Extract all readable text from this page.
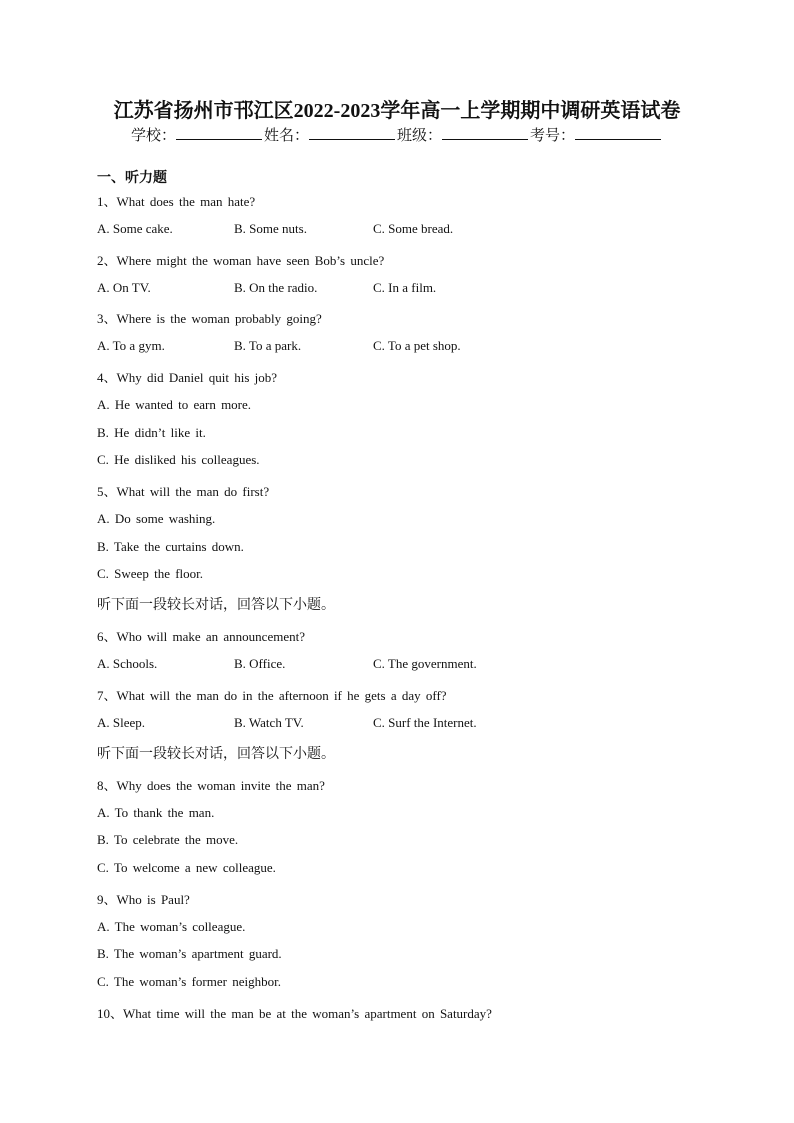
江苏省扬州市邗江区2022-2023学年高一上学期期中调研英语试卷
学校：	姓名：	班级：	考号：
一、听力题
1、What does the man hate?
A. Some cake.	B. Some nuts.	C. Some bread.
2、Where might the woman have seen Bob’s uncle?
A. On TV.	B. On the radio.	C. In a film.
3、Where is the woman probably going?
A. To a gym.	B. To a park.	C. To a pet shop.
4、Why did Daniel quit his job?
A. He wanted to earn more.
B. He didn’t like it.
C. He disliked his colleagues.
5、What will the man do first?
A. Do some washing.
B. Take the curtains down.
C. Sweep the floor.
听下面一段较长对话，回答以下小题。
6、Who will make an announcement?
A. Schools.	B. Office.	C. The government.
7、What will the man do in the afternoon if he gets a day off?
A. Sleep.	B. Watch TV.	C. Surf the Internet.
听下面一段较长对话，回答以下小题。
8、Why does the woman invite the man?
A. To thank the man.
B. To celebrate the move.
C. To welcome a new colleague.
9、Who is Paul?
A. The woman’s colleague.
B. The woman’s apartment guard.
C. The woman’s former neighbor.
10、What time will the man be at the woman’s apartment on Saturday?
